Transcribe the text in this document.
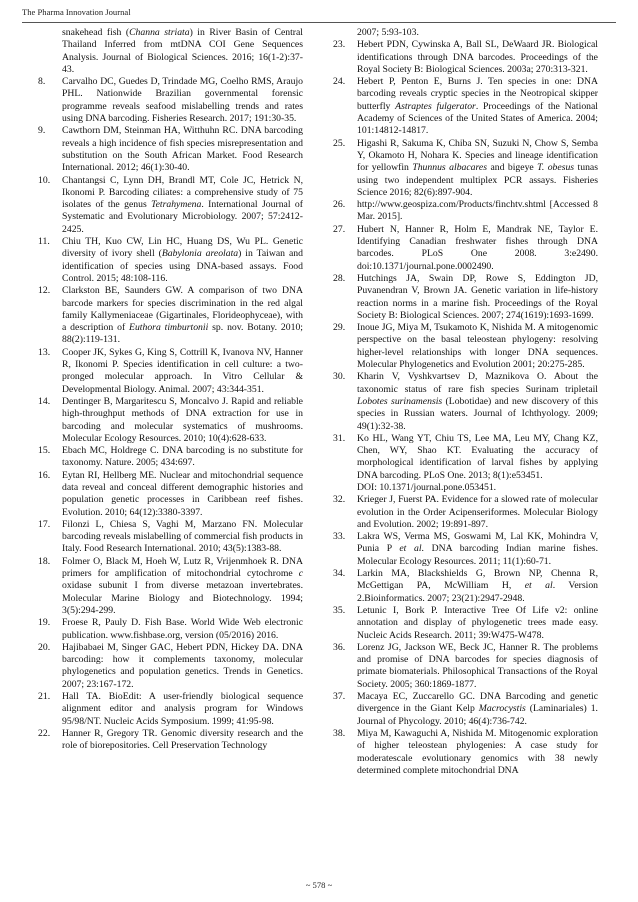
The Pharma Innovation Journal
snakehead fish (Channa striata) in River Basin of Central Thailand Inferred from mtDNA COI Gene Sequences Analysis. Journal of Biological Sciences. 2016; 16(1-2):37-43.
8.	Carvalho DC, Guedes D, Trindade MG, Coelho RMS, Araujo PHL. Nationwide Brazilian governmental forensic programme reveals seafood mislabelling trends and rates using DNA barcoding. Fisheries Research. 2017; 191:30-35.
9.	Cawthorn DM, Steinman HA, Witthuhn RC. DNA barcoding reveals a high incidence of fish species misrepresentation and substitution on the South African Market. Food Research International. 2012; 46(1):30-40.
10.	Chantangsi C, Lynn DH, Brandl MT, Cole JC, Hetrick N, Ikonomi P. Barcoding ciliates: a comprehensive study of 75 isolates of the genus Tetrahymena. International Journal of Systematic and Evolutionary Microbiology. 2007; 57:2412-2425.
11.	Chiu TH, Kuo CW, Lin HC, Huang DS, Wu PL. Genetic diversity of ivory shell (Babylonia areolata) in Taiwan and identification of species using DNA-based assays. Food Control. 2015; 48:108-116.
12.	Clarkston BE, Saunders GW. A comparison of two DNA barcode markers for species discrimination in the red algal family Kallymeniaceae (Gigartinales, Florideophyceae), with a description of Euthora timburtonii sp. nov. Botany. 2010; 88(2):119-131.
13.	Cooper JK, Sykes G, King S, Cottrill K, Ivanova NV, Hanner R, Ikonomi P. Species identification in cell culture: a two-pronged molecular approach. In Vitro Cellular & Developmental Biology. Animal. 2007; 43:344-351.
14.	Dentinger B, Margaritescu S, Moncalvo J. Rapid and reliable high-throughput methods of DNA extraction for use in barcoding and molecular systematics of mushrooms. Molecular Ecology Resources. 2010; 10(4):628-633.
15.	Ebach MC, Holdrege C. DNA barcoding is no substitute for taxonomy. Nature. 2005; 434:697.
16.	Eytan RI, Hellberg ME. Nuclear and mitochondrial sequence data reveal and conceal different demographic histories and population genetic processes in Caribbean reef fishes. Evolution. 2010; 64(12):3380-3397.
17.	Filonzi L, Chiesa S, Vaghi M, Marzano FN. Molecular barcoding reveals mislabelling of commercial fish products in Italy. Food Research International. 2010; 43(5):1383-88.
18.	Folmer O, Black M, Hoeh W, Lutz R, Vrijenmhoek R. DNA primers for amplification of mitochondrial cytochrome c oxidase subunit I from diverse metazoan invertebrates. Molecular Marine Biology and Biotechnology. 1994; 3(5):294-299.
19.	Froese R, Pauly D. Fish Base. World Wide Web electronic publication. www.fishbase.org, version (05/2016) 2016.
20.	Hajibabaei M, Singer GAC, Hebert PDN, Hickey DA. DNA barcoding: how it complements taxonomy, molecular phylogenetics and population genetics. Trends in Genetics. 2007; 23:167-172.
21.	Hall TA. BioEdit: A user-friendly biological sequence alignment editor and analysis program for Windows 95/98/NT. Nucleic Acids Symposium. 1999; 41:95-98.
22.	Hanner R, Gregory TR. Genomic diversity research and the role of biorepositories. Cell Preservation Technology
2007; 5:93-103.
23.	Hebert PDN, Cywinska A, Ball SL, DeWaard JR. Biological identifications through DNA barcodes. Proceedings of the Royal Society B: Biological Sciences. 2003a; 270:313-321.
24.	Hebert P, Penton E, Burns J. Ten species in one: DNA barcoding reveals cryptic species in the Neotropical skipper butterfly Astraptes fulgerator. Proceedings of the National Academy of Sciences of the United States of America. 2004; 101:14812-14817.
25.	Higashi R, Sakuma K, Chiba SN, Suzuki N, Chow S, Semba Y, Okamoto H, Nohara K. Species and lineage identification for yellowfin Thunnus albacares and bigeye T. obesus tunas using two independent multiplex PCR assays. Fisheries Science 2016; 82(6):897-904.
26.	http://www.geospiza.com/Products/finchtv.shtml [Accessed 8 Mar. 2015].
27.	Hubert N, Hanner R, Holm E, Mandrak NE, Taylor E. Identifying Canadian freshwater fishes through DNA barcodes. PLoS One 2008. 3:e2490. doi:10.1371/journal.pone.0002490.
28.	Hutchings JA, Swain DP, Rowe S, Eddington JD, Puvanendran V, Brown JA. Genetic variation in life-history reaction norms in a marine fish. Proceedings of the Royal Society B: Biological Sciences. 2007; 274(1619):1693-1699.
29.	Inoue JG, Miya M, Tsukamoto K, Nishida M. A mitogenomic perspective on the basal teleostean phylogeny: resolving higher-level relationships with longer DNA sequences. Molecular Phylogenetics and Evolution 2001; 20:275-285.
30.	Kharin V, Vyshkvartsev D, Maznikova O. About the taxonomic status of rare fish species Surinam tripletail Lobotes surinamensis (Lobotidae) and new discovery of this species in Russian waters. Journal of Ichthyology. 2009; 49(1):32-38.
31.	Ko HL, Wang YT, Chiu TS, Lee MA, Leu MY, Chang KZ, Chen, WY, Shao KT. Evaluating the accuracy of morphological identification of larval fishes by applying DNA barcoding. PLoS One. 2013; 8(1):e53451.
DOI: 10.1371/journal.pone.053451.
32.	Krieger J, Fuerst PA. Evidence for a slowed rate of molecular evolution in the Order Acipenseriformes. Molecular Biology and Evolution. 2002; 19:891-897.
33.	Lakra WS, Verma MS, Goswami M, Lal KK, Mohindra V, Punia P et al. DNA barcoding Indian marine fishes. Molecular Ecology Resources. 2011; 11(1):60-71.
34.	Larkin MA, Blackshields G, Brown NP, Chenna R, McGettigan PA, McWilliam H, et al. Version 2.Bioinformatics. 2007; 23(21):2947-2948.
35.	Letunic I, Bork P. Interactive Tree Of Life v2: online annotation and display of phylogenetic trees made easy. Nucleic Acids Research. 2011; 39:W475-W478.
36.	Lorenz JG, Jackson WE, Beck JC, Hanner R. The problems and promise of DNA barcodes for species diagnosis of primate biomaterials. Philosophical Transactions of the Royal Society. 2005; 360:1869-1877.
37.	Macaya EC, Zuccarello GC. DNA Barcoding and genetic divergence in the Giant Kelp Macrocystis (Laminariales) 1. Journal of Phycology. 2010; 46(4):736-742.
38.	Miya M, Kawaguchi A, Nishida M. Mitogenomic exploration of higher teleostean phylogenies: A case study for moderatescale evolutionary genomics with 38 newly determined complete mitochondrial DNA
~ 578 ~
